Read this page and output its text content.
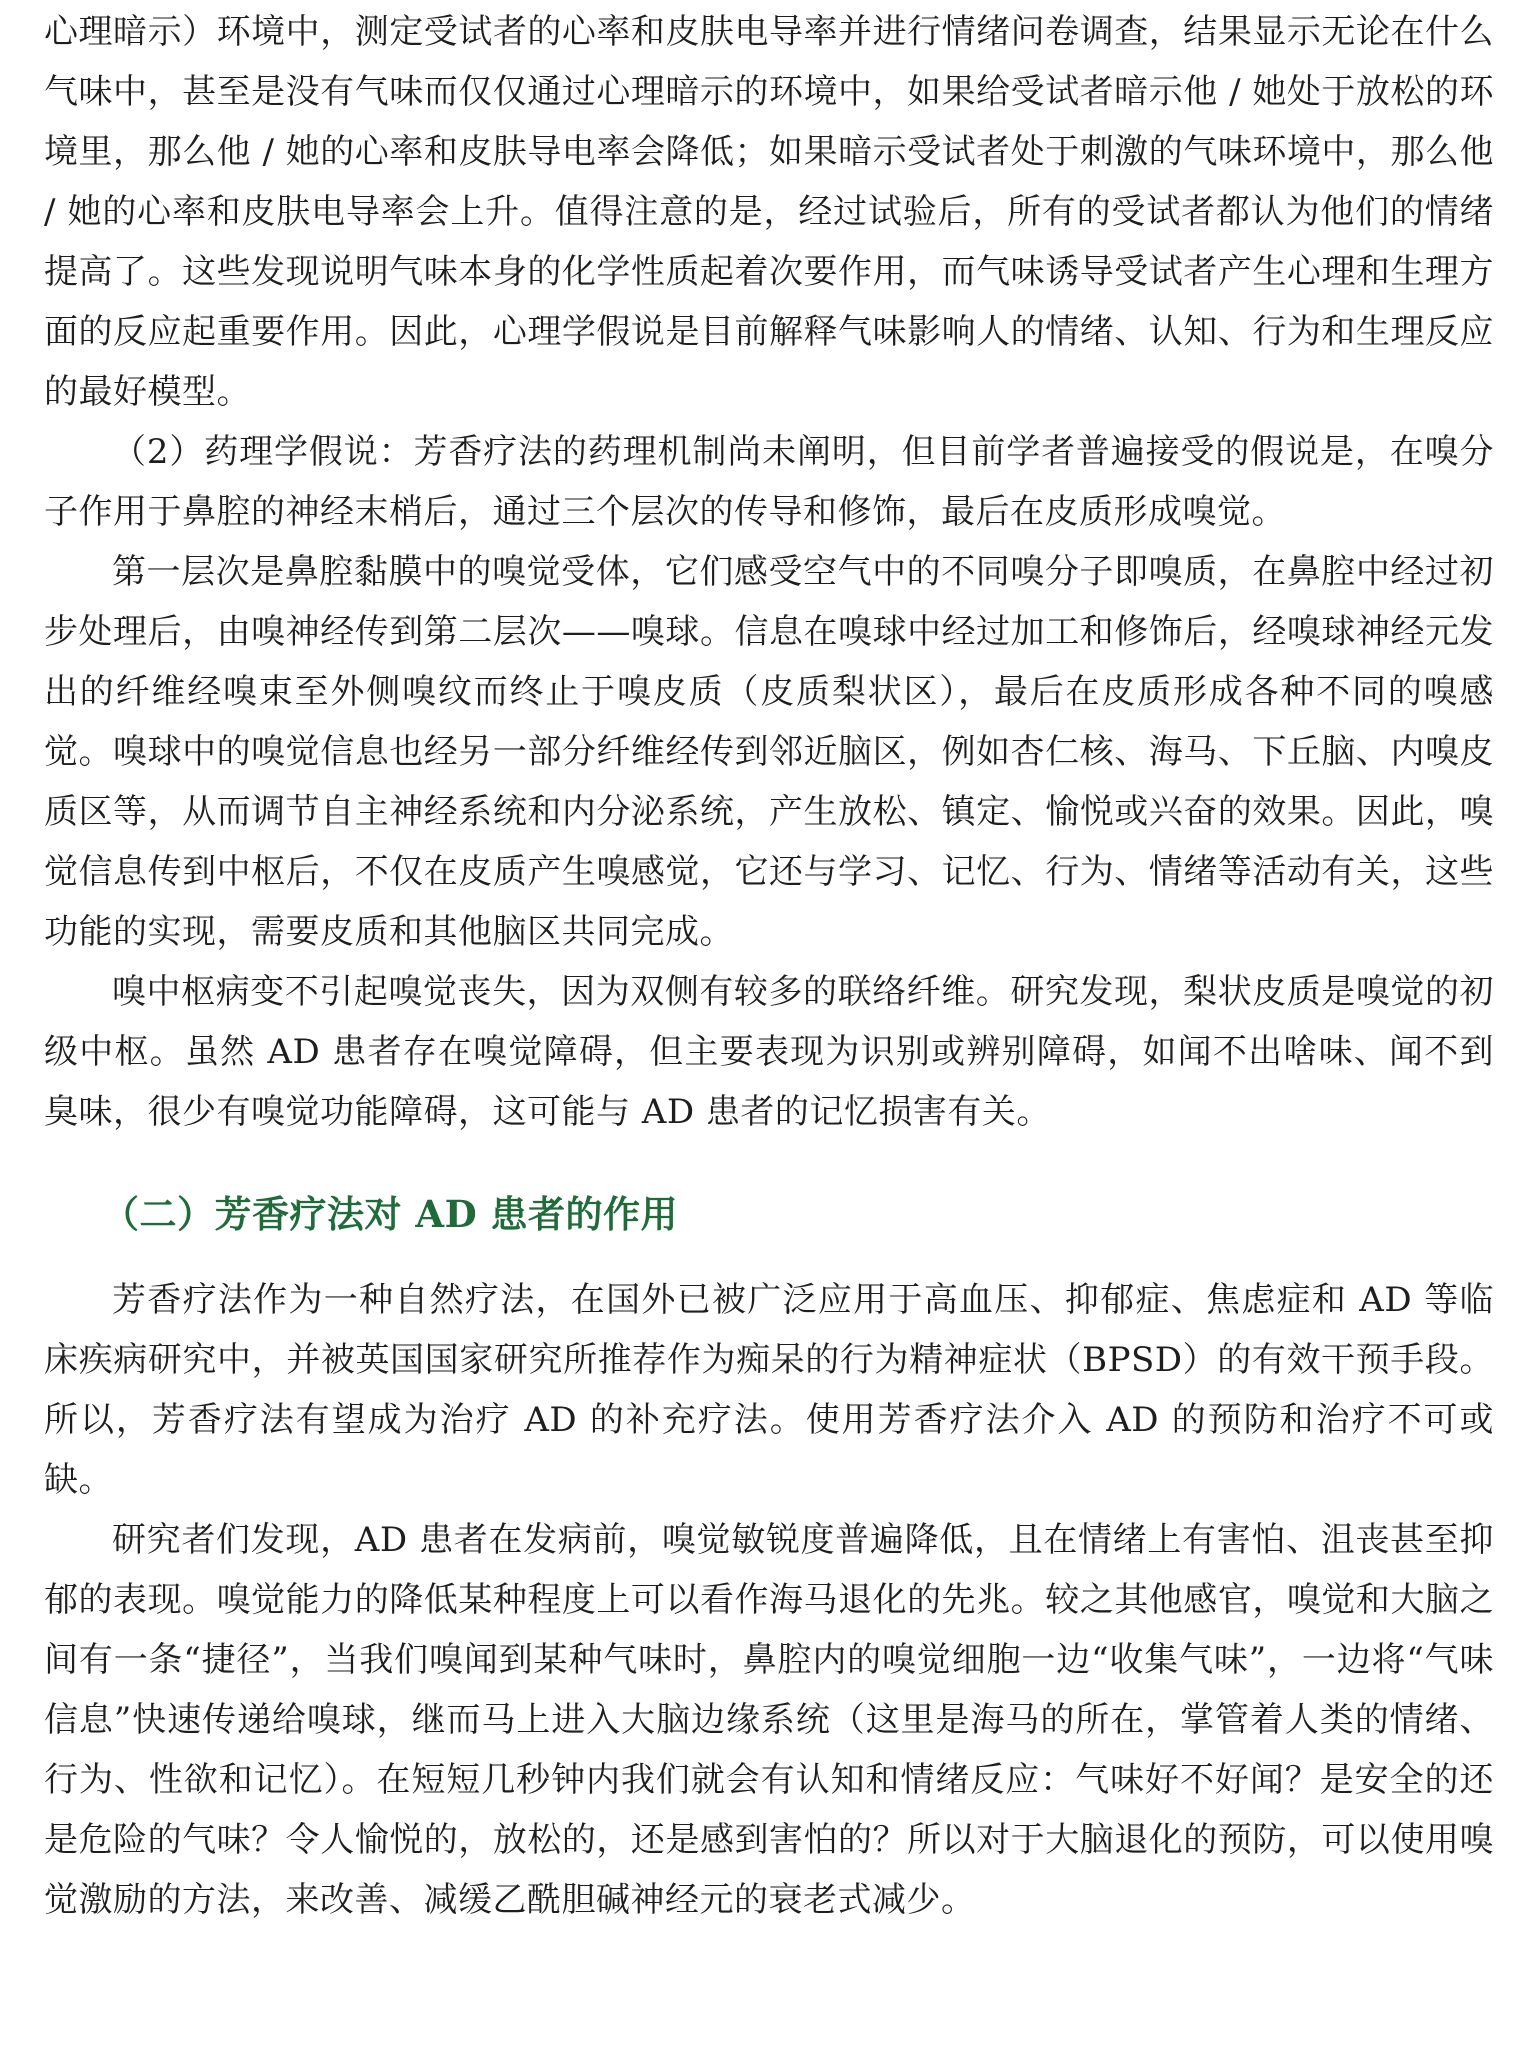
心理暗示）环境中，测定受试者的心率和皮肤电导率并进行情绪问卷调查，结果显示无论在什么气味中，甚至是没有气味而仅仅通过心理暗示的环境中，如果给受试者暗示他 / 她处于放松的环境里，那么他 / 她的心率和皮肤导电率会降低；如果暗示受试者处于刺激的气味环境中，那么他 / 她的心率和皮肤电导率会上升。值得注意的是，经过试验后，所有的受试者都认为他们的情绪提高了。这些发现说明气味本身的化学性质起着次要作用，而气味诱导受试者产生心理和生理方面的反应起重要作用。因此，心理学假说是目前解释气味影响人的情绪、认知、行为和生理反应的最好模型。

（2）药理学假说：芳香疗法的药理机制尚未阐明，但目前学者普遍接受的假说是，在嗅分子作用于鼻腔的神经末梢后，通过三个层次的传导和修饰，最后在皮质形成嗅觉。

第一层次是鼻腔黏膜中的嗅觉受体，它们感受空气中的不同嗅分子即嗅质，在鼻腔中经过初步处理后，由嗅神经传到第二层次——嗅球。信息在嗅球中经过加工和修饰后，经嗅球神经元发出的纤维经嗅束至外侧嗅纹而终止于嗅皮质（皮质梨状区），最后在皮质形成各种不同的嗅感觉。嗅球中的嗅觉信息也经另一部分纤维经传到邻近脑区，例如杏仁核、海马、下丘脑、内嗅皮质区等，从而调节自主神经系统和内分泌系统，产生放松、镇定、愉悦或兴奋的效果。因此，嗅觉信息传到中枢后，不仅在皮质产生嗅感觉，它还与学习、记忆、行为、情绪等活动有关，这些功能的实现，需要皮质和其他脑区共同完成。

嗅中枢病变不引起嗅觉丧失，因为双侧有较多的联络纤维。研究发现，梨状皮质是嗅觉的初级中枢。虽然 AD 患者存在嗅觉障碍，但主要表现为识别或辨别障碍，如闻不出啥味、闻不到臭味，很少有嗅觉功能障碍，这可能与 AD 患者的记忆损害有关。

（二）芳香疗法对 AD 患者的作用

芳香疗法作为一种自然疗法，在国外已被广泛应用于高血压、抑郁症、焦虑症和 AD 等临床疾病研究中，并被英国国家研究所推荐作为痴呆的行为精神症状（BPSD）的有效干预手段。所以，芳香疗法有望成为治疗 AD 的补充疗法。使用芳香疗法介入 AD 的预防和治疗不可或缺。

研究者们发现，AD 患者在发病前，嗅觉敏锐度普遍降低，且在情绪上有害怕、沮丧甚至抑郁的表现。嗅觉能力的降低某种程度上可以看作海马退化的先兆。较之其他感官，嗅觉和大脑之间有一条“捷径”，当我们嗅闻到某种气味时，鼻腔内的嗅觉细胞一边“收集气味”，一边将“气味信息”快速传递给嗅球，继而马上进入大脑边缘系统（这里是海马的所在，掌管着人类的情绪、行为、性欲和记忆）。在短短几秒钟内我们就会有认知和情绪反应：气味好不好闻？是安全的还是危险的气味？令人愉悦的，放松的，还是感到害怕的？所以对于大脑退化的预防，可以使用嗅觉激励的方法，来改善、减缓乙酰胆碱神经元的衰老式减少。
